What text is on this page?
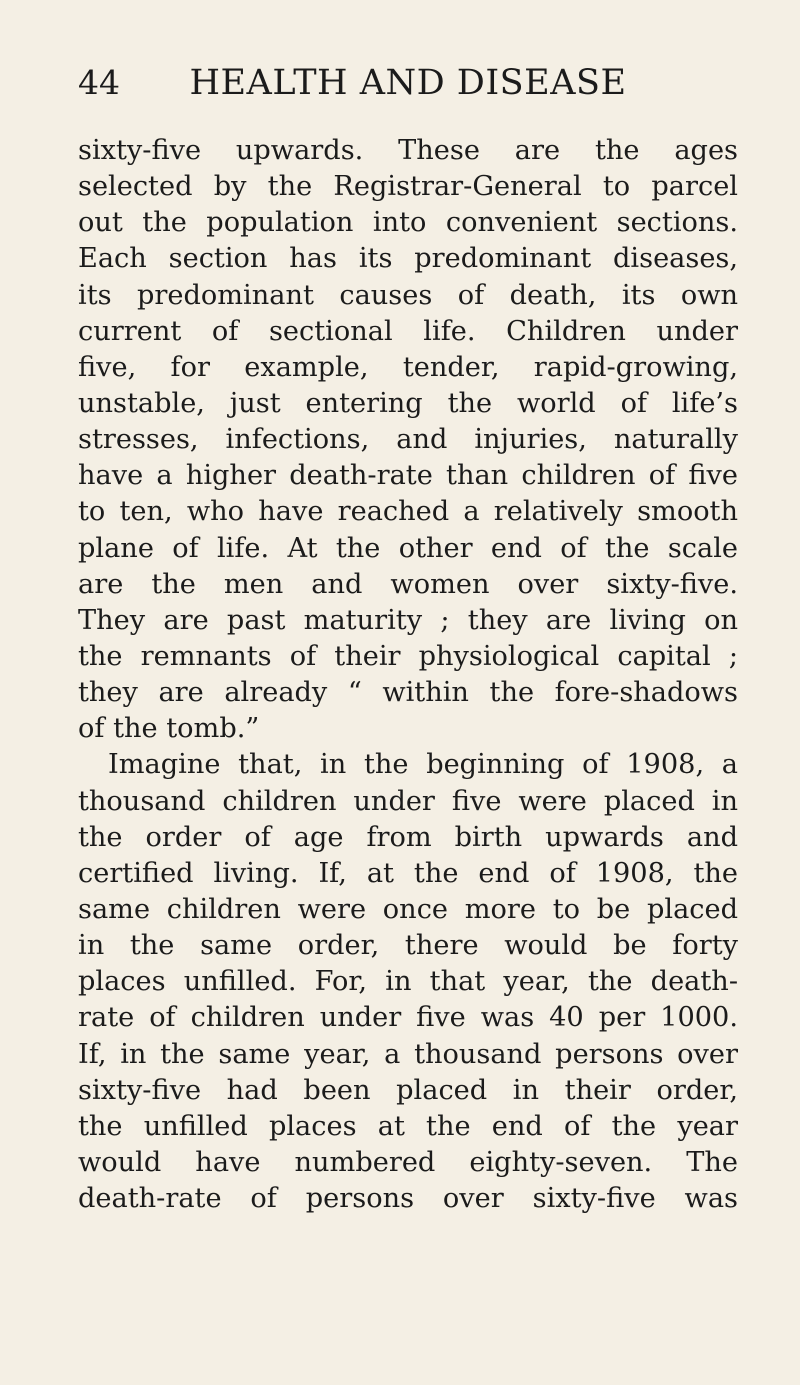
44	HEALTH AND DISEASE
sixty-five upwards. These are the ages
selected by the Registrar-General to parcel
out the population into convenient sections.
Each section has its predominant diseases,
its predominant causes of death, its own
current of sectional life. Children under
five, for example, tender, rapid-growing,
unstable, just entering the world of life’s
stresses, infections, and injuries, naturally
have a higher death-rate than children of five
to ten, who have reached a relatively smooth
plane of life. At the other end of the scale
are the men and women over sixty-five.
They are past maturity ; they are living on
the remnants of their physiological capital ;
they are already “ within the fore-shadows
of the tomb.”
Imagine that, in the beginning of 1908, a
thousand children under five were placed in
the order of age from birth upwards and
certified living. If, at the end of 1908, the
same children were once more to be placed
in the same order, there would be forty
places unfilled. For, in that year, the death-
rate of children under five was 40 per 1000.
If, in the same year, a thousand persons over
sixty-five had been placed in their order,
the unfilled places at the end of the year
would have numbered eighty-seven. The
death-rate of persons over sixty-five was
